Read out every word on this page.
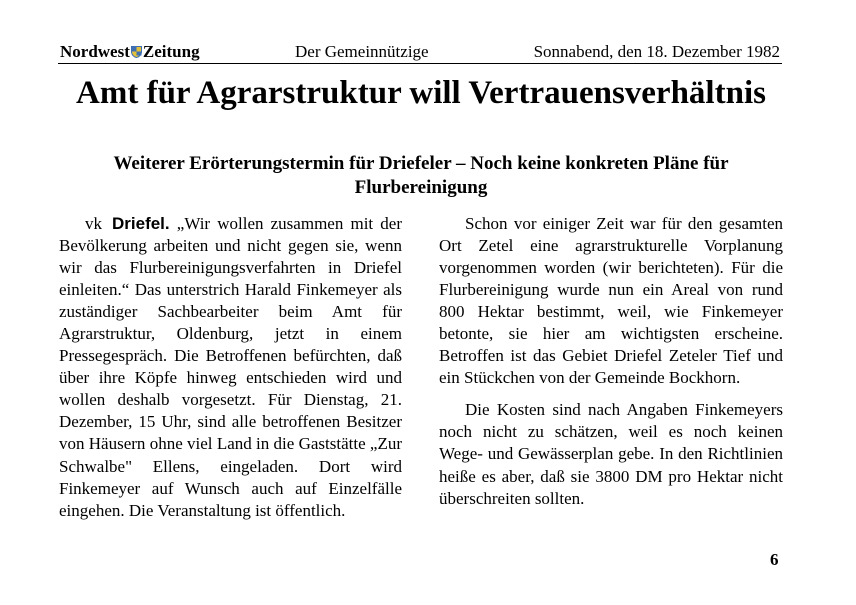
Nordwest Zeitung	Der Gemeinnützige	Sonnabend, den 18. Dezember 1982
Amt für Agrarstruktur will Vertrauensverhältnis
Weiterer Erörterungstermin für Driefeler – Noch keine konkreten Pläne für Flurbereinigung

vk Driefel. „Wir wollen zusammen mit der Bevölkerung arbeiten und nicht gegen sie, wenn wir das Flurbereinigungsverfahrten in Driefel einleiten.“ Das unterstrich Harald Finkemeyer als zuständiger Sachbearbeiter beim Amt für Agrarstruktur, Oldenburg, jetzt in einem Pressegespräch. Die Betroffenen befürchten, daß über ihre Köpfe hinweg entschieden wird und wollen deshalb vorgesetzt. Für Dienstag, 21. Dezember, 15 Uhr, sind alle betroffenen Besitzer von Häusern ohne viel Land in die Gaststätte „Zur Schwalbe" Ellens, eingeladen. Dort wird Finkemeyer auf Wunsch auch auf Einzelfälle eingehen. Die Veranstaltung ist öffentlich.

Schon vor einiger Zeit war für den gesamten Ort Zetel eine agrarstrukturelle Vorplanung vorgenommen worden (wir berichteten). Für die Flurbereinigung wurde nun ein Areal von rund 800 Hektar bestimmt, weil, wie Finkemeyer betonte, sie hier am wichtigsten erscheine. Betroffen ist das Gebiet Driefel Zeteler Tief und ein Stückchen von der Gemeinde Bockhorn.

Die Kosten sind nach Angaben Finkemeyers noch nicht zu schätzen, weil es noch keinen Wege- und Gewässerplan gebe. In den Richtlinien heiße es aber, daß sie 3800 DM pro Hektar nicht überschreiten sollten.

6
